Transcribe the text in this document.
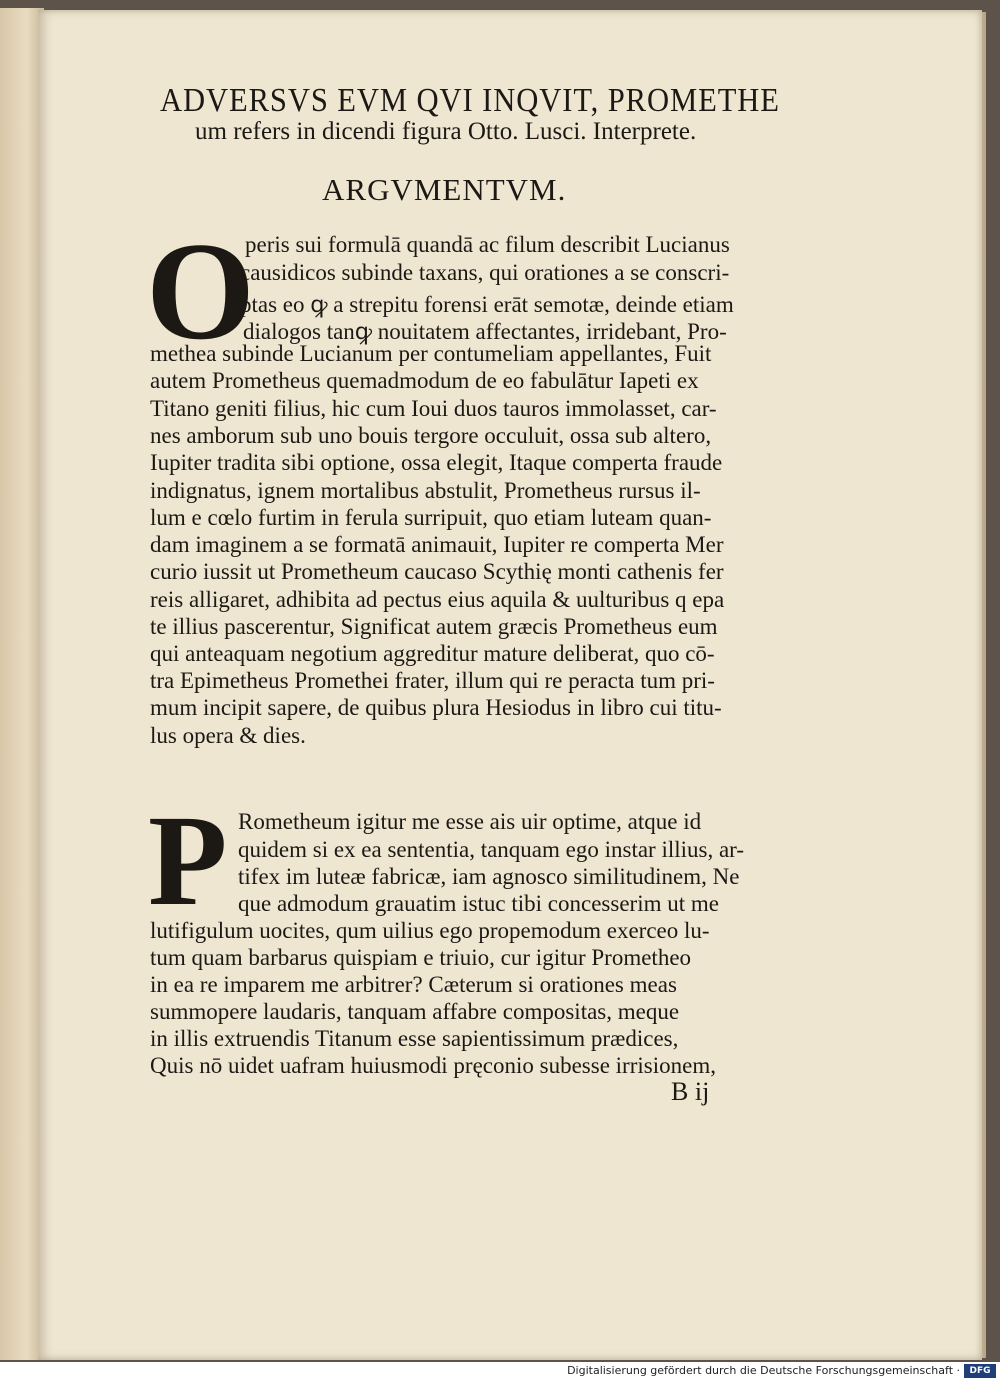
ADVERSVS EVM QVI INQVIT, PROMETHE
um refers in dicendi figura Otto. Lusci. Interprete.
ARGVMENTVM.
O
peris sui formulā quandā ac filum describit Lucianus
causidicos subinde taxans, qui orationes a se conscri-
ptas eo ꝙ a strepitu forensi erāt semotæ, deinde etiam
dialogos tanꝙ nouitatem affectantes, irridebant, Pro-
methea subinde Lucianum per contumeliam appellantes, Fuit
autem Prometheus quemadmodum de eo fabulātur Iapeti ex
Titano geniti filius, hic cum Ioui duos tauros immolasset, car-
nes amborum sub uno bouis tergore occuluit, ossa sub altero,
Iupiter tradita sibi optione, ossa elegit, Itaque comperta fraude
indignatus, ignem mortalibus abstulit, Prometheus rursus il-
lum e cœlo furtim in ferula surripuit, quo etiam luteam quan-
dam imaginem a se formatā animauit, Iupiter re comperta Mer
curio iussit ut Prometheum caucaso Scythię monti cathenis fer
reis alligaret, adhibita ad pectus eius aquila & uulturibus q epa
te illius pascerentur, Significat autem græcis Prometheus eum
qui anteaquam negotium aggreditur mature deliberat, quo cō-
tra Epimetheus Promethei frater, illum qui re peracta tum pri-
mum incipit sapere, de quibus plura Hesiodus in libro cui titu-
lus opera & dies.
P Rometheum igitur me esse ais uir optime, atque id
quidem si ex ea sententia, tanquam ego instar illius, ar-
tifex im luteæ fabricæ, iam agnosco similitudinem, Ne
que admodum grauatim istuc tibi concesserim ut me
lutifigulum uocites, qum uilius ego propemodum exerceo lu-
tum quam barbarus quispiam e triuio, cur igitur Prometheo
in ea re imparem me arbitrer? Cæterum si orationes meas
summopere laudaris, tanquam affabre compositas, meque
in illis extruendis Titanum esse sapientissimum prædices,
Quis nō uidet uafram huiusmodi pręconio subesse irrisionem,
B ij
Digitalisierung gefördert durch die Deutsche Forschungsgemeinschaft ·	DFG
